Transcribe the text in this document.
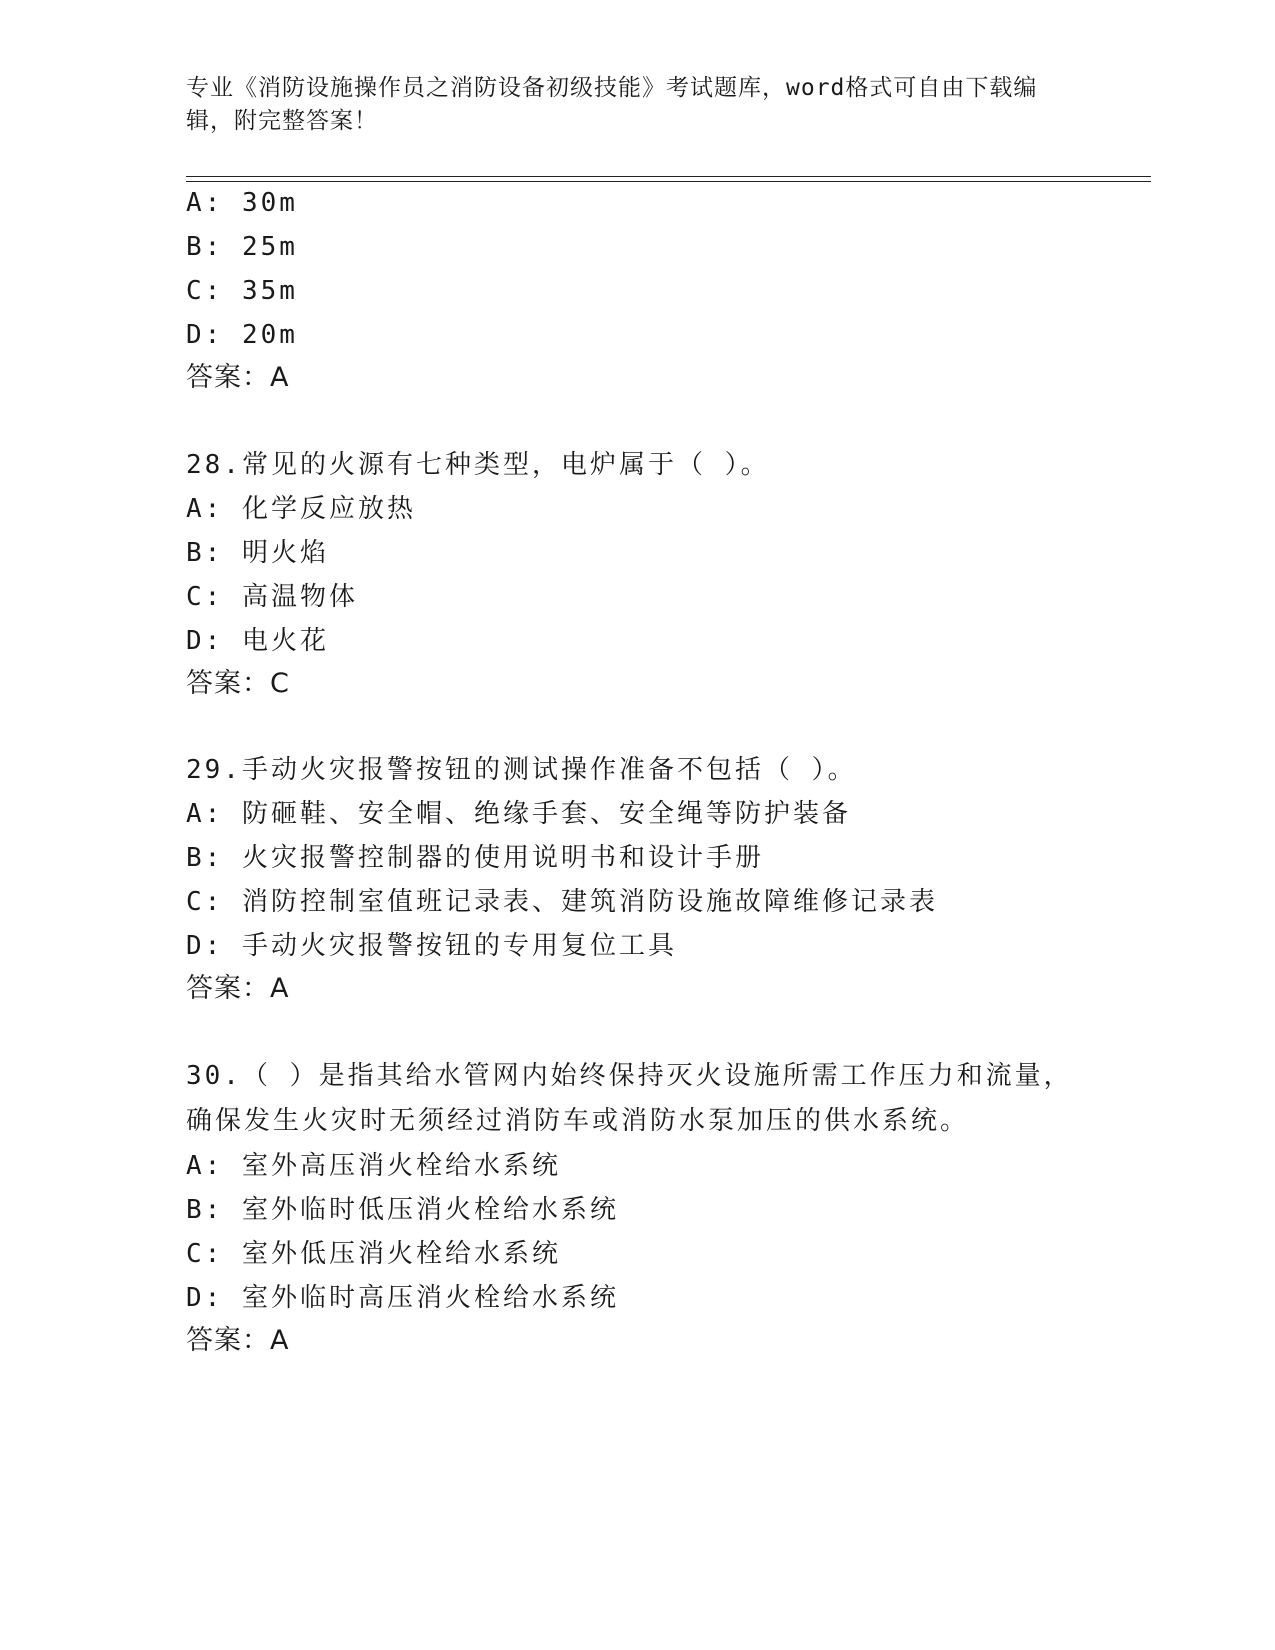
专业《消防设施操作员之消防设备初级技能》考试题库，word格式可自由下载编辑，附完整答案！

A: 30m

B: 25m

C: 35m

D: 20m

答案：A

28.常见的火源有七种类型，电炉属于（ ）。

A: 化学反应放热

B: 明火焰

C: 高温物体

D: 电火花

答案：C

29.手动火灾报警按钮的测试操作准备不包括（ ）。

A: 防砸鞋、安全帽、绝缘手套、安全绳等防护装备

B: 火灾报警控制器的使用说明书和设计手册

C: 消防控制室值班记录表、建筑消防设施故障维修记录表

D: 手动火灾报警按钮的专用复位工具

答案：A

30.（ ）是指其给水管网内始终保持灭火设施所需工作压力和流量，确保发生火灾时无须经过消防车或消防水泵加压的供水系统。

A: 室外高压消火栓给水系统

B: 室外临时低压消火栓给水系统

C: 室外低压消火栓给水系统

D: 室外临时高压消火栓给水系统

答案：A
